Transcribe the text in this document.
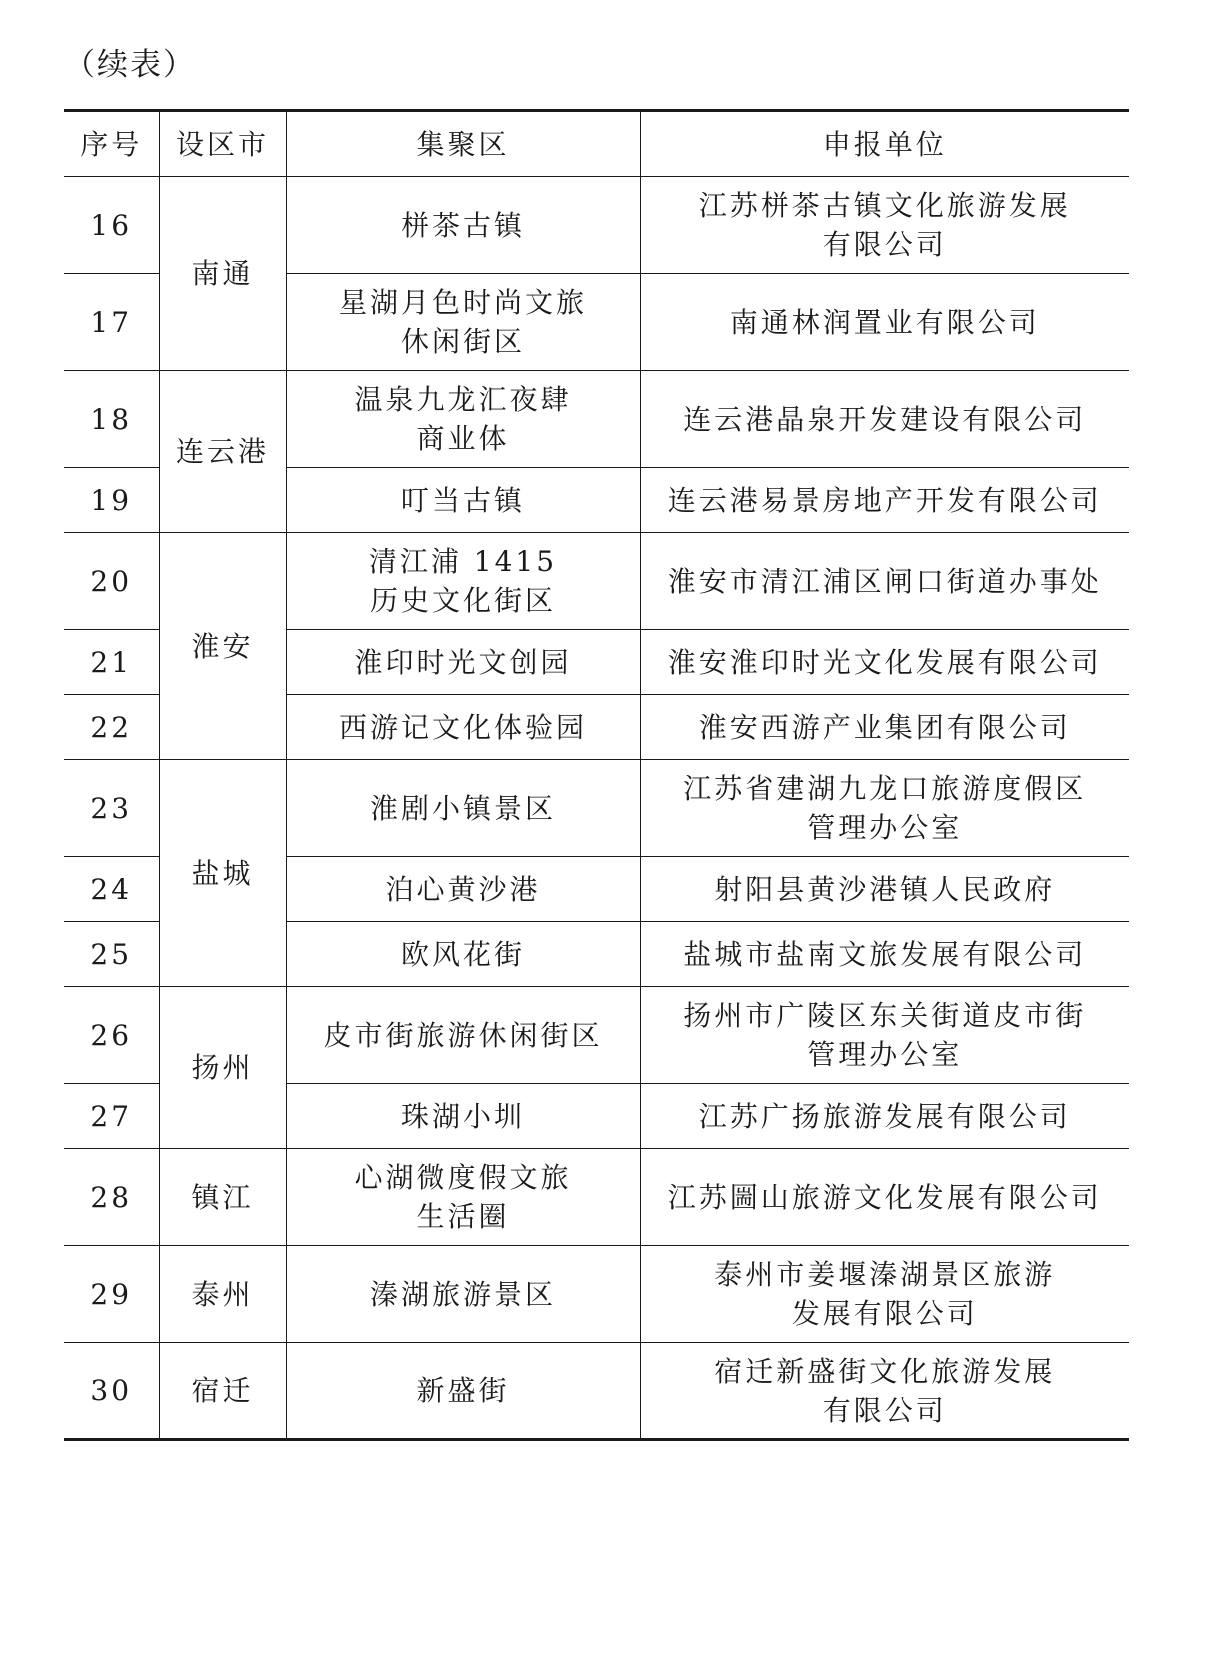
（续表）
序号	设区市	集聚区	申报单位
16	南通	栟茶古镇	江苏栟茶古镇文化旅游发展
有限公司

17		星湖月色时尚文旅
休闲街区	南通林润置业有限公司

18	连云港	温泉九龙汇夜肆
商业体	连云港晶泉开发建设有限公司

19		叮当古镇	连云港易景房地产开发有限公司

20	淮安	清江浦 1415
历史文化街区	淮安市清江浦区闸口街道办事处

21		淮印时光文创园	淮安淮印时光文化发展有限公司

22		西游记文化体验园	淮安西游产业集团有限公司

23	盐城	淮剧小镇景区	江苏省建湖九龙口旅游度假区
管理办公室

24		泊心黄沙港	射阳县黄沙港镇人民政府

25		欧风花街	盐城市盐南文旅发展有限公司

26	扬州	皮市街旅游休闲街区	扬州市广陵区东关街道皮市街
管理办公室

27		珠湖小圳	江苏广扬旅游发展有限公司

28	镇江	心湖微度假文旅
生活圈	江苏圌山旅游文化发展有限公司

29	泰州	溱湖旅游景区	泰州市姜堰溱湖景区旅游
发展有限公司

30	宿迁	新盛街	宿迁新盛街文化旅游发展
有限公司
